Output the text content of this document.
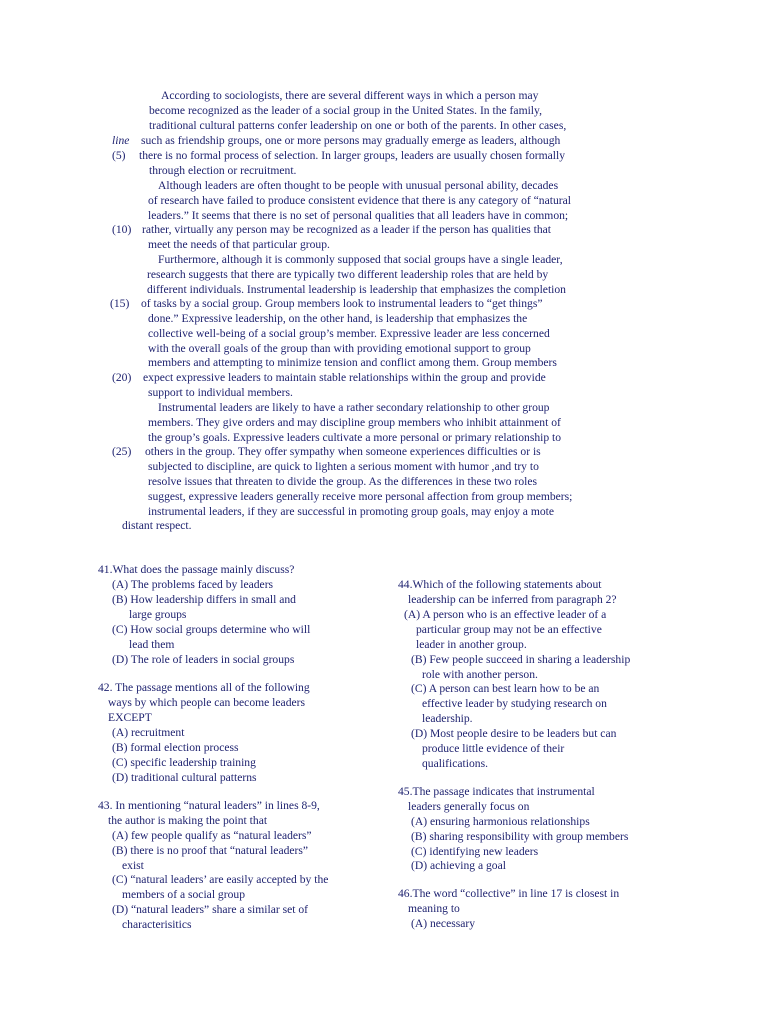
According to sociologists, there are several different ways in which a person may
become recognized as the leader of a social group in the United States. In the family,
traditional cultural patterns confer leadership on one or both of the parents. In other cases,
line such as friendship groups, one or more persons may gradually emerge as leaders, although
(5) there is no formal process of selection. In larger groups, leaders are usually chosen formally
through election or recruitment.
Although leaders are often thought to be people with unusual personal ability, decades
of research have failed to produce consistent evidence that there is any category of “natural
leaders.” It seems that there is no set of personal qualities that all leaders have in common;
(10) rather, virtually any person may be recognized as a leader if the person has qualities that
meet the needs of that particular group.
Furthermore, although it is commonly supposed that social groups have a single leader,
research suggests that there are typically two different leadership roles that are held by
different individuals. Instrumental leadership is leadership that emphasizes the completion
(15) of tasks by a social group. Group members look to instrumental leaders to “get things”
done.” Expressive leadership, on the other hand, is leadership that emphasizes the
collective well-being of a social group’s member. Expressive leader are less concerned
with the overall goals of the group than with providing emotional support to group
members and attempting to minimize tension and conflict among them. Group members
(20) expect expressive leaders to maintain stable relationships within the group and provide
support to individual members.
Instrumental leaders are likely to have a rather secondary relationship to other group
members. They give orders and may discipline group members who inhibit attainment of
the group’s goals. Expressive leaders cultivate a more personal or primary relationship to
(25) others in the group. They offer sympathy when someone experiences difficulties or is
subjected to discipline, are quick to lighten a serious moment with humor ,and try to
resolve issues that threaten to divide the group. As the differences in these two roles
suggest, expressive leaders generally receive more personal affection from group members;
instrumental leaders, if they are successful in promoting group goals, may enjoy a mote
distant respect.
41.What does the passage mainly discuss?
(A) The problems faced by leaders
(B) How leadership differs in small and
large groups
(C) How social groups determine who will
lead them
(D) The role of leaders in social groups
42. The passage mentions all of the following
ways by which people can become leaders
EXCEPT
(A) recruitment
(B) formal election process
(C) specific leadership training
(D) traditional cultural patterns
43. In mentioning “natural leaders” in lines 8-9,
the author is making the point that
(A) few people qualify as “natural leaders”
(B) there is no proof that “natural leaders”
exist
(C) “natural leaders’ are easily accepted by the
members of a social group
(D) “natural leaders” share a similar set of
characterisitics
44.Which of the following statements about
leadership can be inferred from paragraph 2?
(A) A person who is an effective leader of a
particular group may not be an effective
leader in another group.
(B) Few people succeed in sharing a leadership
role with another person.
(C) A person can best learn how to be an
effective leader by studying research on
leadership.
(D) Most people desire to be leaders but can
produce little evidence of their
qualifications.
45.The passage indicates that instrumental
leaders generally focus on
(A) ensuring harmonious relationships
(B) sharing responsibility with group members
(C) identifying new leaders
(D) achieving a goal
46.The word “collective” in line 17 is closest in
meaning to
(A) necessary
